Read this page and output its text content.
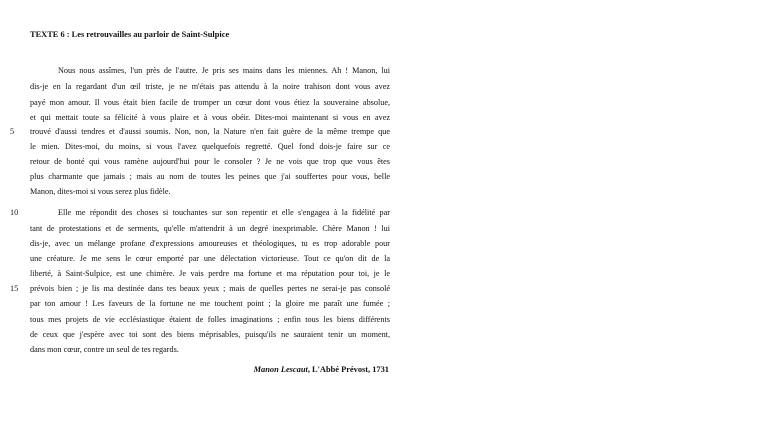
TEXTE 6 : Les retrouvailles au parloir de Saint-Sulpice
Nous nous assîmes, l'un près de l'autre. Je pris ses mains dans les miennes. Ah ! Manon, lui
dis-je en la regardant d'un œil triste, je ne m'étais pas attendu à la noire trahison dont vous avez
payé mon amour. Il vous était bien facile de tromper un cœur dont vous étiez la souveraine absolue,
et qui mettait toute sa félicité à vous plaire et à vous obéir. Dites-moi maintenant si vous en avez
5 trouvé d'aussi tendres et d'aussi soumis. Non, non, la Nature n'en fait guère de la même trempe que
le mien. Dites-moi, du moins, si vous l'avez quelquefois regretté. Quel fond dois-je faire sur ce
retour de bonté qui vous ramène aujourd'hui pour le consoler ? Je ne vois que trop que vous êtes
plus charmante que jamais ; mais au nom de toutes les peines que j'ai souffertes pour vous, belle
Manon, dites-moi si vous serez plus fidèle.
10	Elle me répondit des choses si touchantes sur son repentir et elle s'engagea à la fidélité par
tant de protestations et de serments, qu'elle m'attendrit à un degré inexprimable. Chère Manon ! lui
dis-je, avec un mélange profane d'expressions amoureuses et théologiques, tu es trop adorable pour
une créature. Je me sens le cœur emporté par une délectation victorieuse. Tout ce qu'on dit de la
liberté, à Saint-Sulpice, est une chimère. Je vais perdre ma fortune et ma réputation pour toi, je le
15 prévois bien ; je lis ma destinée dans tes beaux yeux ; mais de quelles pertes ne serai-je pas consolé
par ton amour ! Les faveurs de la fortune ne me touchent point ; la gloire me paraît une fumée ;
tous mes projets de vie ecclésiastique étaient de folles imaginations ; enfin tous les biens différents
de ceux que j'espère avec toi sont des biens méprisables, puisqu'ils ne sauraient tenir un moment,
dans mon cœur, contre un seul de tes regards.
Manon Lescaut, L'Abbé Prévost, 1731
